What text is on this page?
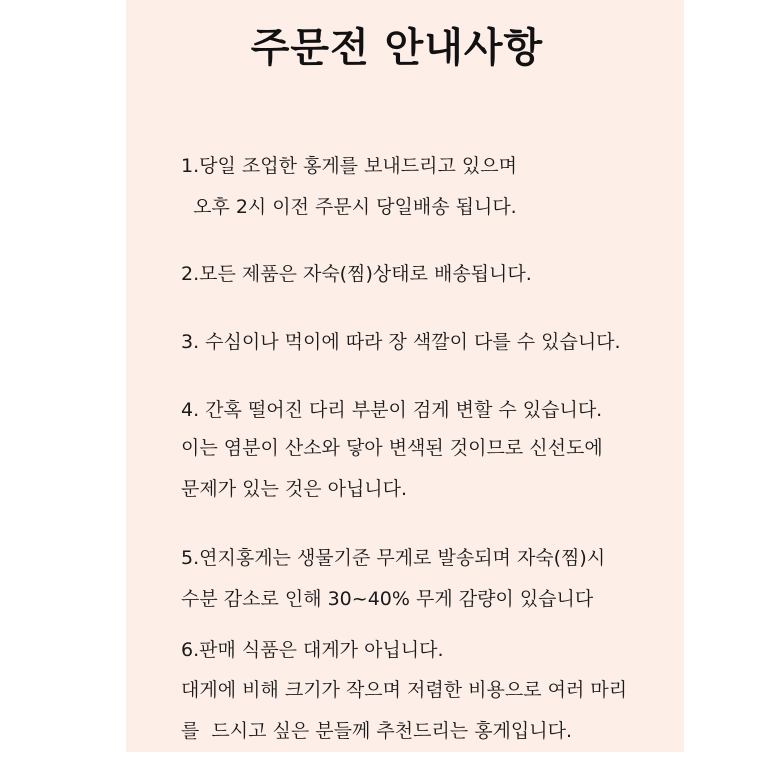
주문전 안내사항
1.당일 조업한 홍게를 보내드리고 있으며
오후 2시 이전 주문시 당일배송 됩니다.
2.모든 제품은 자숙(찜)상태로 배송됩니다.
3. 수심이나 먹이에 따라 장 색깔이 다를 수 있습니다.
4. 간혹 떨어진 다리 부분이 검게 변할 수 있습니다.
이는 염분이 산소와 닿아 변색된 것이므로 신선도에
문제가 있는 것은 아닙니다.
5.연지홍게는 생물기준 무게로 발송되며 자숙(찜)시
수분 감소로 인해 30~40% 무게 감량이 있습니다
6.판매 식품은 대게가 아닙니다.
대게에 비해 크기가 작으며 저렴한 비용으로 여러 마리
를  드시고 싶은 분들께 추천드리는 홍게입니다.
